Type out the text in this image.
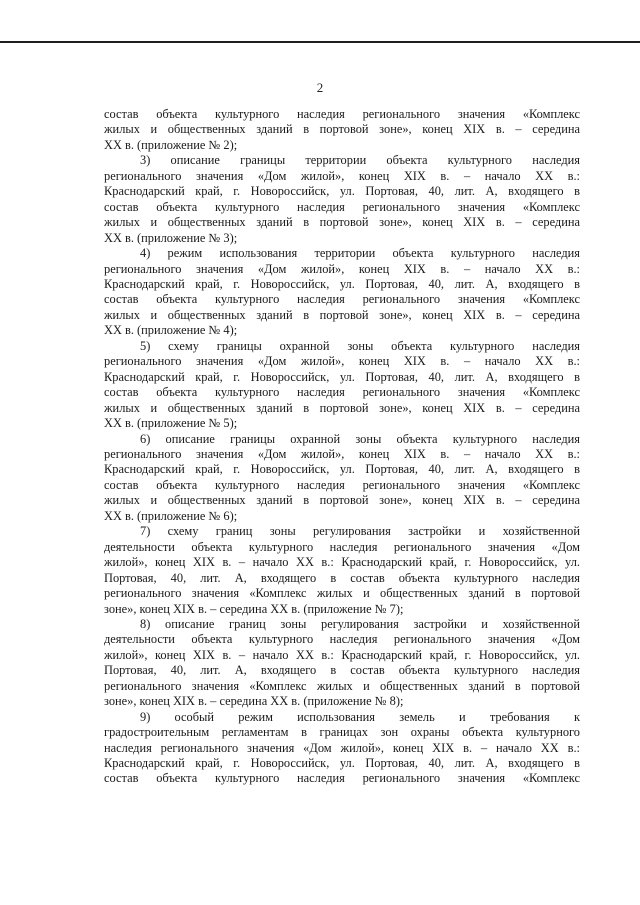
2
состав объекта культурного наследия регионального значения «Комплекс
жилых и общественных зданий в портовой зоне», конец XIX в. – середина
XX в. (приложение № 2);
3) описание границы территории объекта культурного наследия
регионального значения «Дом жилой», конец XIX в. – начало XX в.:
Краснодарский край, г. Новороссийск, ул. Портовая, 40, лит. А, входящего в
состав объекта культурного наследия регионального значения «Комплекс
жилых и общественных зданий в портовой зоне», конец XIX в. – середина
XX в. (приложение № 3);
4) режим использования территории объекта культурного наследия
регионального значения «Дом жилой», конец XIX в. – начало XX в.:
Краснодарский край, г. Новороссийск, ул. Портовая, 40, лит. А, входящего в
состав объекта культурного наследия регионального значения «Комплекс
жилых и общественных зданий в портовой зоне», конец XIX в. – середина
XX в. (приложение № 4);
5) схему границы охранной зоны объекта культурного наследия
регионального значения «Дом жилой», конец XIX в. – начало XX в.:
Краснодарский край, г. Новороссийск, ул. Портовая, 40, лит. А, входящего в
состав объекта культурного наследия регионального значения «Комплекс
жилых и общественных зданий в портовой зоне», конец XIX в. – середина
XX в. (приложение № 5);
6) описание границы охранной зоны объекта культурного наследия
регионального значения «Дом жилой», конец XIX в. – начало XX в.:
Краснодарский край, г. Новороссийск, ул. Портовая, 40, лит. А, входящего в
состав объекта культурного наследия регионального значения «Комплекс
жилых и общественных зданий в портовой зоне», конец XIX в. – середина
XX в. (приложение № 6);
7) схему границ зоны регулирования застройки и хозяйственной
деятельности объекта культурного наследия регионального значения «Дом
жилой», конец XIX в. – начало XX в.: Краснодарский край, г. Новороссийск, ул.
Портовая, 40, лит. А, входящего в состав объекта культурного наследия
регионального значения «Комплекс жилых и общественных зданий в портовой
зоне», конец XIX в. – середина XX в. (приложение № 7);
8) описание границ зоны регулирования застройки и хозяйственной
деятельности объекта культурного наследия регионального значения «Дом
жилой», конец XIX в. – начало XX в.: Краснодарский край, г. Новороссийск, ул.
Портовая, 40, лит. А, входящего в состав объекта культурного наследия
регионального значения «Комплекс жилых и общественных зданий в портовой
зоне», конец XIX в. – середина XX в. (приложение № 8);
9) особый режим использования земель и требования к
градостроительным регламентам в границах зон охраны объекта культурного
наследия регионального значения «Дом жилой», конец XIX в. – начало XX в.:
Краснодарский край, г. Новороссийск, ул. Портовая, 40, лит. А, входящего в
состав объекта культурного наследия регионального значения «Комплекс
